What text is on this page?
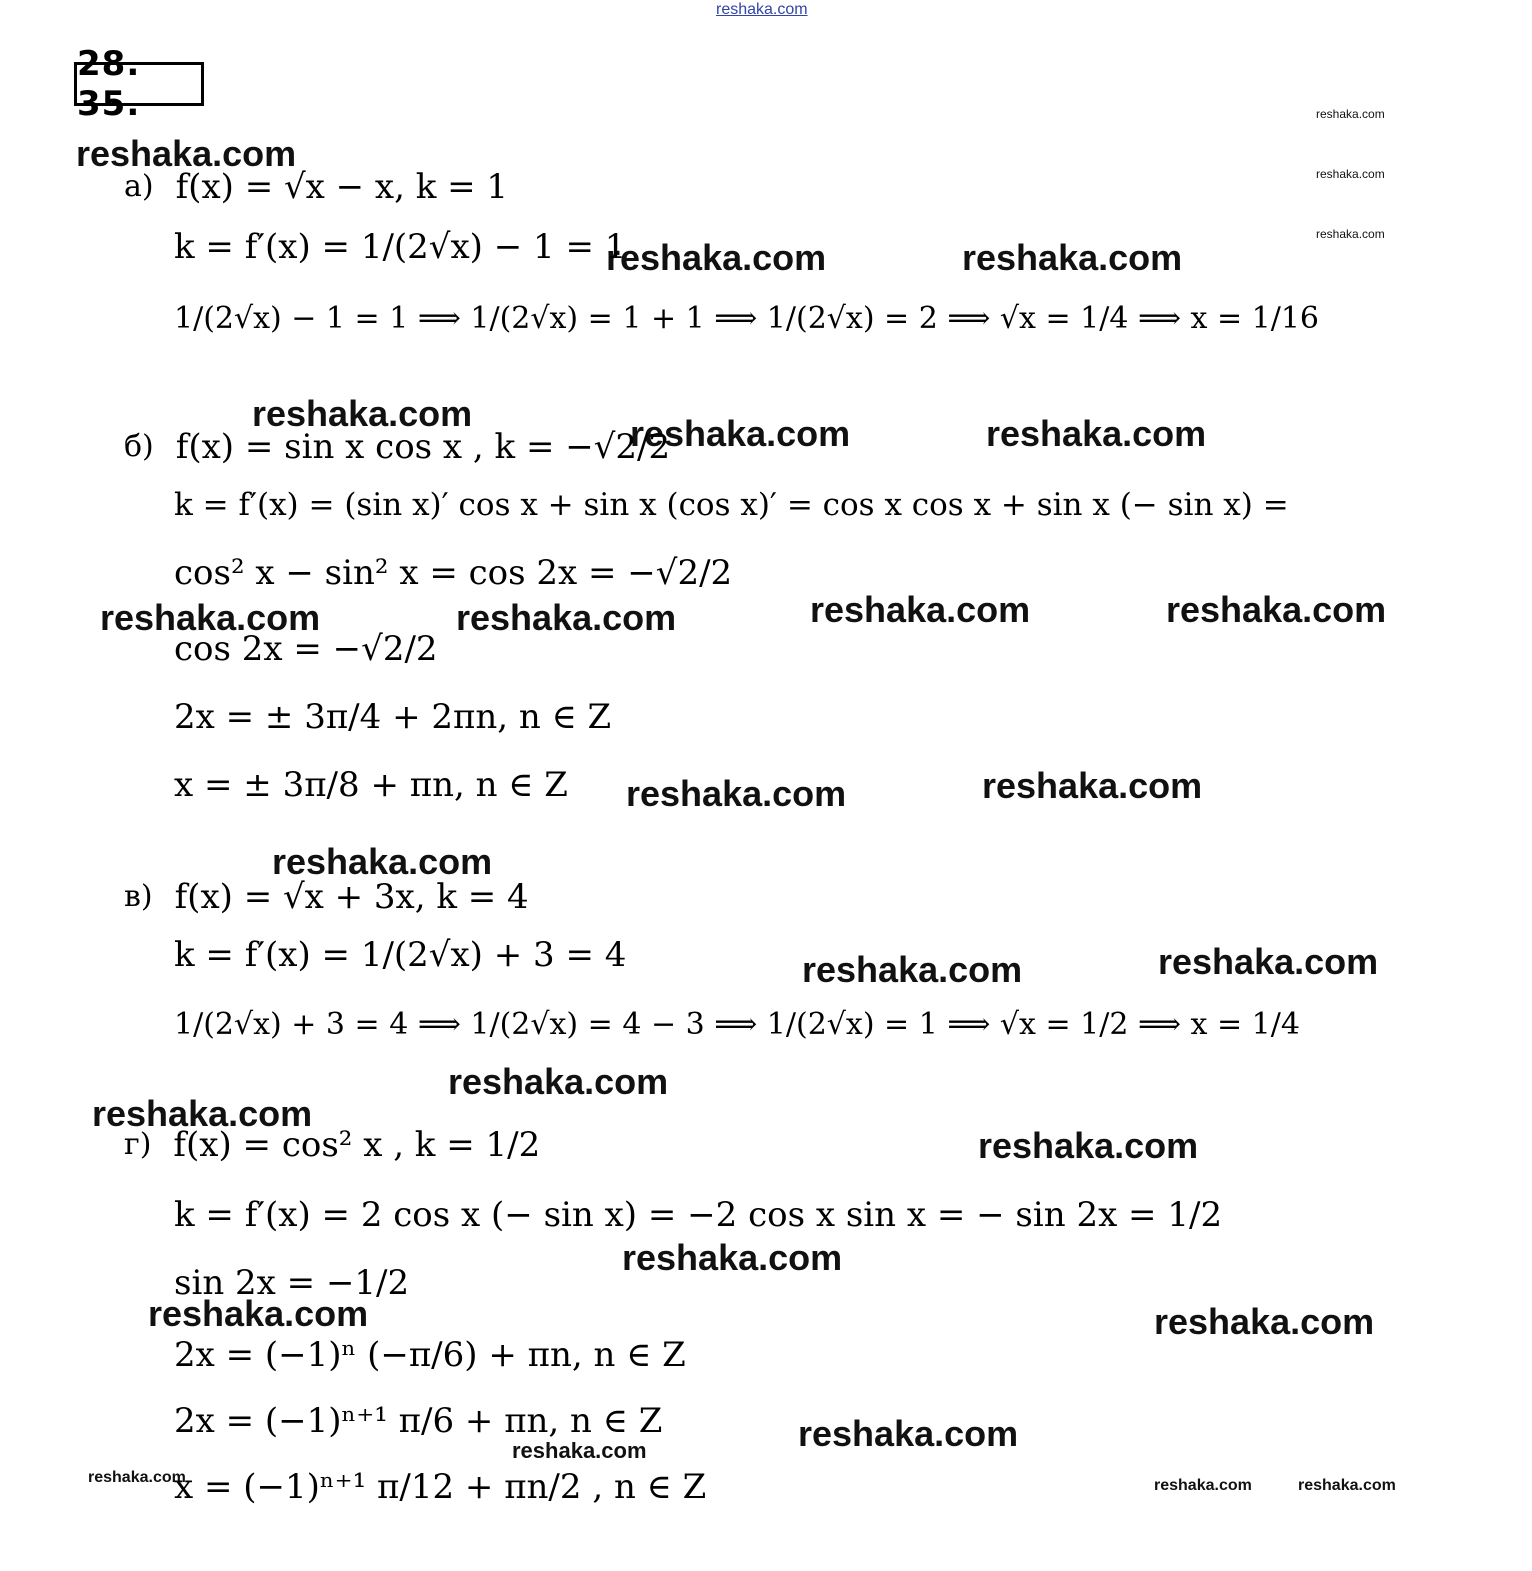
reshaka.com
reshaka.com
reshaka.com
reshaka.com
reshaka.com
reshaka.com	reshaka.com
reshaka.com	reshaka.com	reshaka.com
reshaka.com	reshaka.com	reshaka.com	reshaka.com
reshaka.com	reshaka.com
reshaka.com
reshaka.com	reshaka.com
reshaka.com
reshaka.com
reshaka.com
reshaka.com
reshaka.com	reshaka.com
reshaka.com
reshaka.com
reshaka.com	reshaka.com	reshaka.com
28. 35.
а) f(x) = √x − x, k = 1
k = f′(x) = 1/(2√x) − 1 = 1
1/(2√x) − 1 = 1 ⟹ 1/(2√x) = 1 + 1 ⟹ 1/(2√x) = 2 ⟹ √x = 1/4 ⟹ x = 1/16
б) f(x) = sin x cos x , k = −√2/2
k = f′(x) = (sin x)′ cos x + sin x (cos x)′ = cos x cos x + sin x (− sin x) =
cos² x − sin² x = cos 2x = −√2/2
cos 2x = −√2/2
2x = ± 3π/4 + 2πn, n ∈ Z
x = ± 3π/8 + πn, n ∈ Z
в) f(x) = √x + 3x, k = 4
k = f′(x) = 1/(2√x) + 3 = 4
1/(2√x) + 3 = 4 ⟹ 1/(2√x) = 4 − 3 ⟹ 1/(2√x) = 1 ⟹ √x = 1/2 ⟹ x = 1/4
г) f(x) = cos² x , k = 1/2
k = f′(x) = 2 cos x (− sin x) = −2 cos x sin x = − sin 2x = 1/2
sin 2x = −1/2
2x = (−1)ⁿ (−π/6) + πn, n ∈ Z
2x = (−1)ⁿ⁺¹ π/6 + πn, n ∈ Z
x = (−1)ⁿ⁺¹ π/12 + πn/2 , n ∈ Z
